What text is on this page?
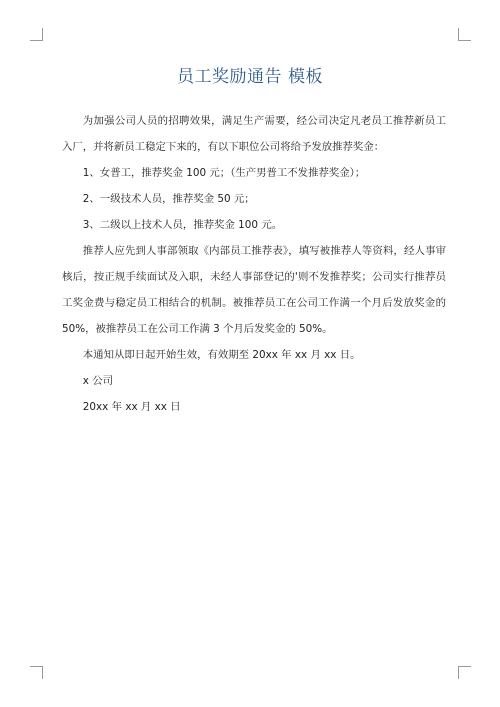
员工奖励通告 模板

为加强公司人员的招聘效果，满足生产需要，经公司决定凡老员工推荐新员工入厂，并将新员工稳定下来的，有以下职位公司将给予发放推荐奖金：

1、女普工，推荐奖金 100 元；（生产男普工不发推荐奖金）；

2、一级技术人员，推荐奖金 50 元；

3、二级以上技术人员，推荐奖金 100 元。

推荐人应先到人事部领取《内部员工推荐表》，填写被推荐人等资料，经人事审核后，按正规手续面试及入职，未经人事部登记的'则不发推荐奖；公司实行推荐员工奖金费与稳定员工相结合的机制。被推荐员工在公司工作满一个月后发放奖金的 50%，被推荐员工在公司工作满 3 个月后发奖金的 50%。

本通知从即日起开始生效，有效期至 20xx 年 xx 月 xx 日。

x 公司

20xx 年 xx 月 xx 日
